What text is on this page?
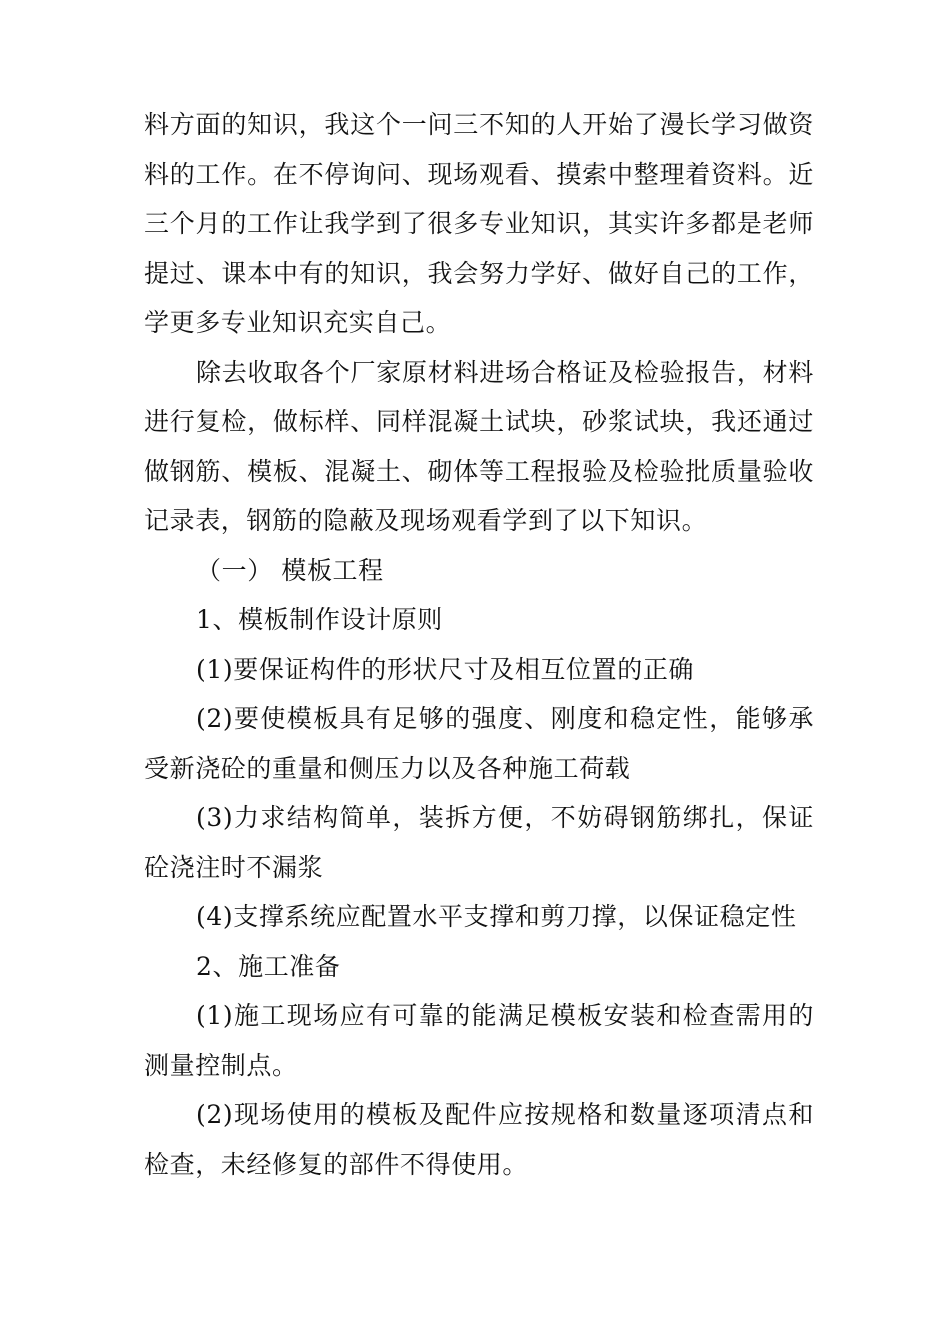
料方面的知识，我这个一问三不知的人开始了漫长学习做资料的工作。在不停询问、现场观看、摸索中整理着资料。近三个月的工作让我学到了很多专业知识，其实许多都是老师提过、课本中有的知识，我会努力学好、做好自己的工作，学更多专业知识充实自己。

除去收取各个厂家原材料进场合格证及检验报告，材料进行复检，做标样、同样混凝土试块，砂浆试块，我还通过做钢筋、模板、混凝土、砌体等工程报验及检验批质量验收记录表，钢筋的隐蔽及现场观看学到了以下知识。

（一） 模板工程

1、模板制作设计原则

(1)要保证构件的形状尺寸及相互位置的正确

(2)要使模板具有足够的强度、刚度和稳定性，能够承受新浇砼的重量和侧压力以及各种施工荷载

(3)力求结构简单，装拆方便，不妨碍钢筋绑扎，保证砼浇注时不漏浆

(4)支撑系统应配置水平支撑和剪刀撑，以保证稳定性

2、施工准备

(1)施工现场应有可靠的能满足模板安装和检查需用的测量控制点。

(2)现场使用的模板及配件应按规格和数量逐项清点和检查，未经修复的部件不得使用。
